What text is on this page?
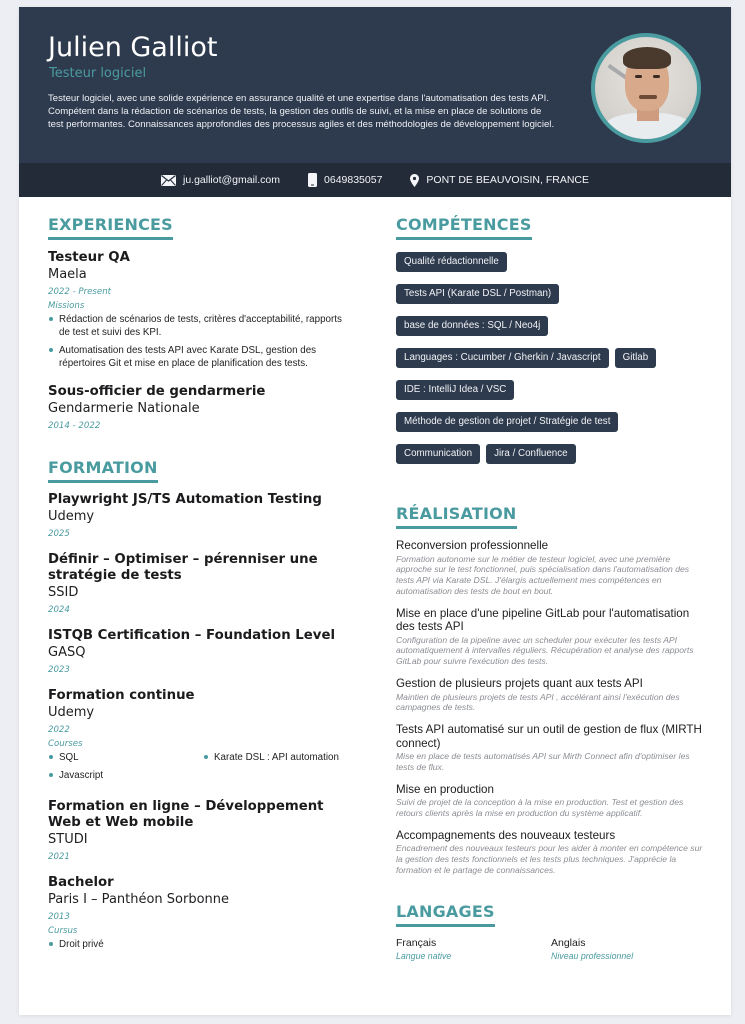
Julien Galliot
Testeur logiciel
Testeur logiciel, avec une solide expérience en assurance qualité et une expertise dans l'automatisation des tests API. Compétent dans la rédaction de scénarios de tests, la gestion des outils de suivi, et la mise en place de solutions de test performantes. Connaissances approfondies des processus agiles et des méthodologies de développement logiciel.
ju.galliot@gmail.com	0649835057	PONT DE BEAUVOISIN, FRANCE
EXPERIENCES
Testeur QA
Maela
2022 - Present
Missions
Rédaction de scénarios de tests, critères d'acceptabilité, rapports de test et suivi des KPI.
Automatisation des tests API avec Karate DSL, gestion des répertoires Git et mise en place de planification des tests.
Sous-officier de gendarmerie
Gendarmerie Nationale
2014 - 2022
FORMATION
Playwright JS/TS Automation Testing
Udemy
2025
Définir – Optimiser – pérenniser une stratégie de tests
SSID
2024
ISTQB Certification – Foundation Level
GASQ
2023
Formation continue
Udemy
2022
Courses
SQL	Karate DSL : API automation
Javascript
Formation en ligne – Développement Web et Web mobile
STUDI
2021
Bachelor
Paris I – Panthéon Sorbonne
2013
Cursus
Droit privé
COMPÉTENCES
Qualité rédactionnelle
Tests API (Karate DSL / Postman)
base de données : SQL / Neo4j
Languages : Cucumber / Gherkin / Javascript	Gitlab
IDE : IntelliJ Idea / VSC
Méthode de gestion de projet / Stratégie de test
Communication	Jira / Confluence
RÉALISATION
Reconversion professionnelle
Formation autonome sur le métier de testeur logiciel, avec une première approche sur le test fonctionnel, puis spécialisation dans l'automatisation des tests API via Karate DSL. J'élargis actuellement mes compétences en automatisation des tests de bout en bout.
Mise en place d'une pipeline GitLab pour l'automatisation des tests API
Configuration de la pipeline avec un scheduler pour exécuter les tests API automatiquement à intervalles réguliers. Récupération et analyse des rapports GitLab pour suivre l'exécution des tests.
Gestion de plusieurs projets quant aux tests API
Maintien de plusieurs projets de tests API , accélérant ainsi l'exécution des campagnes de tests.
Tests API automatisé sur un outil de gestion de flux (MIRTH connect)
Mise en place de tests automatisés API sur Mirth Connect afin d'optimiser les tests de flux.
Mise en production
Suivi de projet de la conception à la mise en production. Test et gestion des retours clients après la mise en production du système applicatif.
Accompagnements des nouveaux testeurs
Encadrement des nouveaux testeurs pour les aider à monter en compétence sur la gestion des tests fonctionnels et les tests plus techniques. J'apprécie la formation et le partage de connaissances.
LANGAGES
Français
Langue native
Anglais
Niveau professionnel
